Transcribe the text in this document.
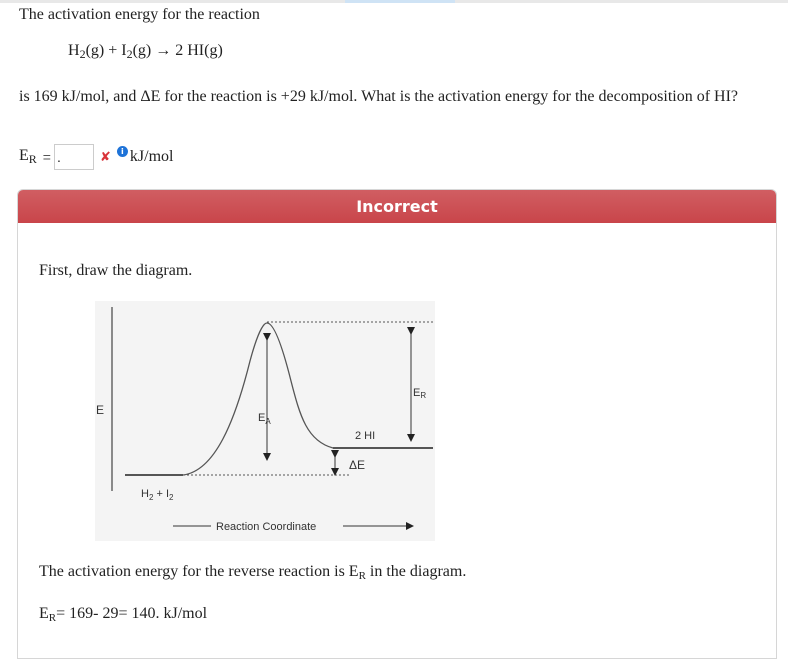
The activation energy for the reaction
$H_2(g) + I_2(g) \to 2$ HI(g)
is 169 kJ/mol, and ΔE for the reaction is +29 kJ/mol. What is the activation energy for the decomposition of HI?
$E_R$ = .	✘	i kJ/mol
Incorrect
First, draw the diagram.
E
$E_A$
ER
2 HI
ΔE
$H_2 + I_2$
Reaction Coordinate
The activation energy for the reverse reaction is $E_R$ in the diagram.
$E_R= 169-$ 29= 140. kJ/mol
